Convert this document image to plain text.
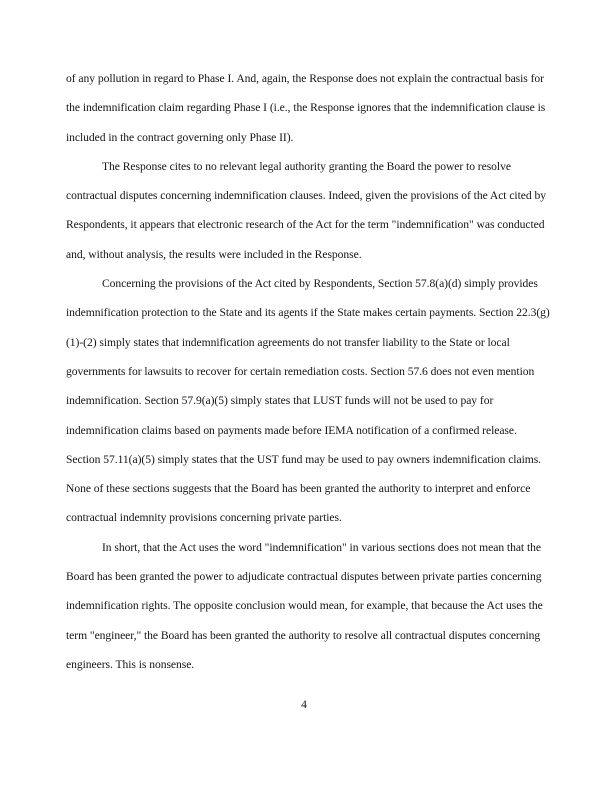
of any pollution in regard to Phase I. And, again, the Response does not explain the contractual basis for the indemnification claim regarding Phase I (i.e., the Response ignores that the indemnification clause is included in the contract governing only Phase II).

The Response cites to no relevant legal authority granting the Board the power to resolve contractual disputes concerning indemnification clauses. Indeed, given the provisions of the Act cited by Respondents, it appears that electronic research of the Act for the term "indemnification" was conducted and, without analysis, the results were included in the Response.

Concerning the provisions of the Act cited by Respondents, Section 57.8(a)(d) simply provides indemnification protection to the State and its agents if the State makes certain payments. Section 22.3(g)(1)-(2) simply states that indemnification agreements do not transfer liability to the State or local governments for lawsuits to recover for certain remediation costs. Section 57.6 does not even mention indemnification. Section 57.9(a)(5) simply states that LUST funds will not be used to pay for indemnification claims based on payments made before IEMA notification of a confirmed release. Section 57.11(a)(5) simply states that the UST fund may be used to pay owners indemnification claims. None of these sections suggests that the Board has been granted the authority to interpret and enforce contractual indemnity provisions concerning private parties.

In short, that the Act uses the word "indemnification" in various sections does not mean that the Board has been granted the power to adjudicate contractual disputes between private parties concerning indemnification rights. The opposite conclusion would mean, for example, that because the Act uses the term "engineer," the Board has been granted the authority to resolve all contractual disputes concerning engineers. This is nonsense.

4
